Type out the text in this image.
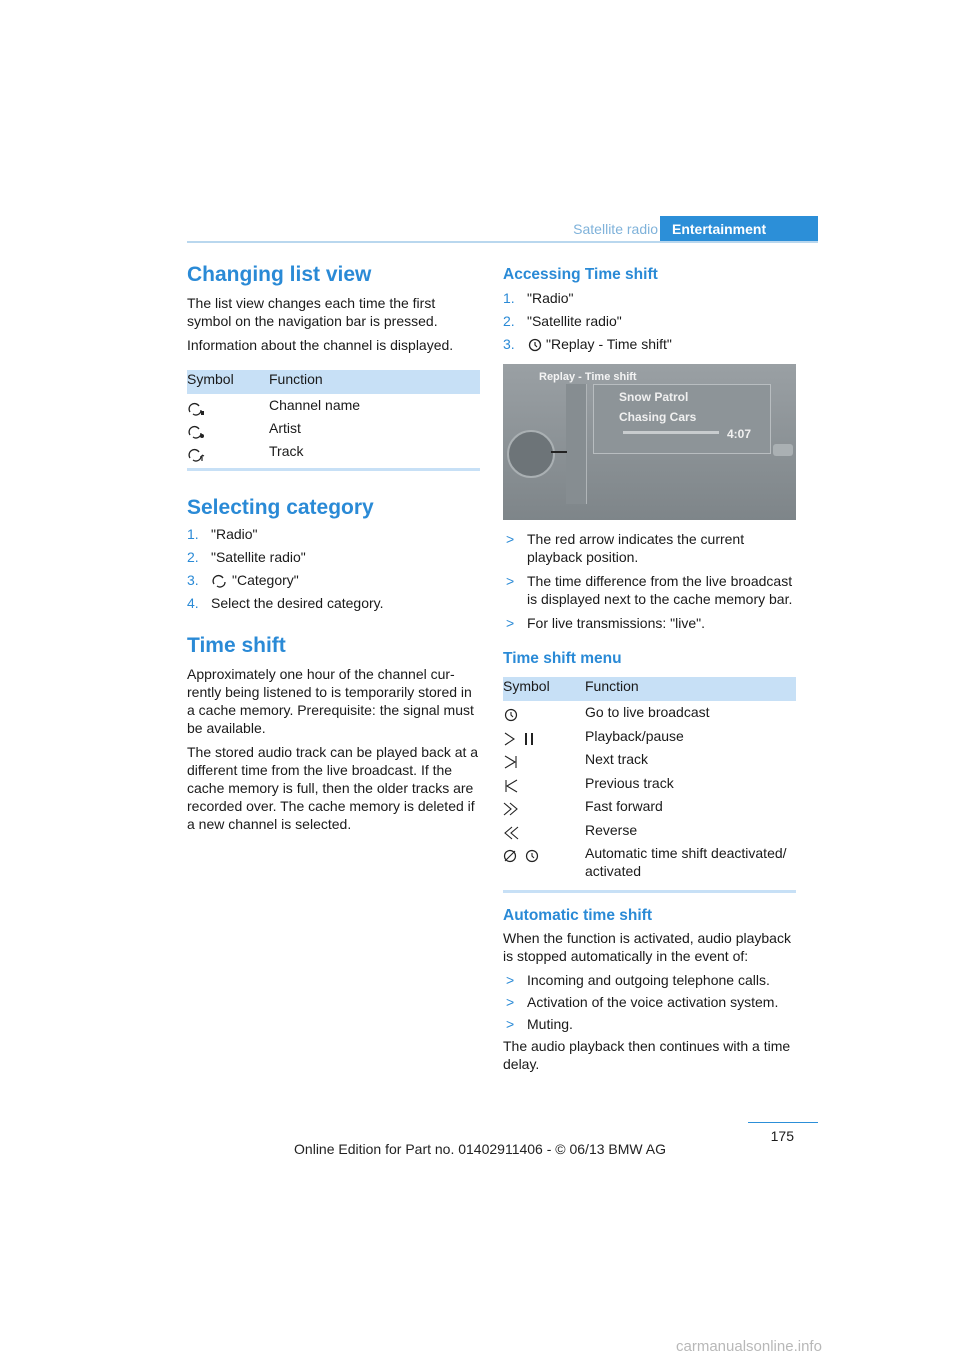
Satellite radio	Entertainment
Changing list view

The list view changes each time the first symbol on the navigation bar is pressed.

Information about the channel is displayed.

Symbol	Function
	Channel name
	Artist
	Track
Selecting category
1. "Radio"
2. "Satellite radio"
3. "Category"
4. Select the desired category.
Time shift

Approximately one hour of the channel cur-rently being listened to is temporarily stored in a cache memory. Prerequisite: the signal must be available.

The stored audio track can be played back at a different time from the live broadcast. If the cache memory is full, then the older tracks are recorded over. The cache memory is deleted if a new channel is selected.

Accessing Time shift
1. "Radio"
2. "Satellite radio"
3. "Replay - Time shift"
Replay - Time shift
Snow Patrol
Chasing Cars
4:07
> The red arrow indicates the current playback position.
> The time difference from the live broadcast is displayed next to the cache memory bar.
> For live transmissions: "live".
Time shift menu
Symbol	Function
	Go to live broadcast
	Playback/pause
	Next track
	Previous track
	Fast forward
	Reverse
	Automatic time shift deactivated/ activated
Automatic time shift

When the function is activated, audio playback is stopped automatically in the event of:

> Incoming and outgoing telephone calls.
> Activation of the voice activation system.
> Muting.

The audio playback then continues with a time delay.

175
Online Edition for Part no. 01402911406 - © 06/13 BMW AG
carmanualsonline.info
